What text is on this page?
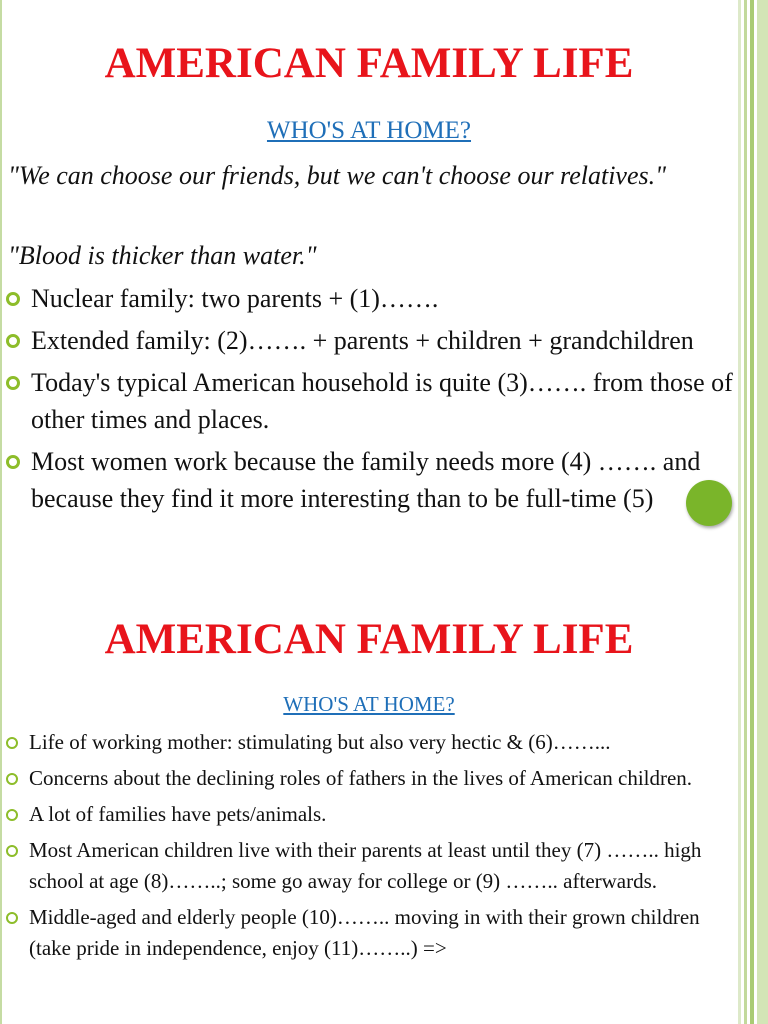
AMERICAN FAMILY LIFE
WHO'S AT HOME?
"We can choose our friends, but we can't choose our relatives."
"Blood is thicker than water."
Nuclear family: two parents + (1)…….
Extended family: (2)……. + parents + children + grandchildren
Today's typical American household is quite (3)……. from those of other times and places.
Most women work because the family needs more (4) ……. and because they find it more interesting than to be full-time (5)
AMERICAN FAMILY LIFE
WHO'S AT HOME?
Life of working mother: stimulating but also very hectic & (6)……...
Concerns about the declining roles of fathers in the lives of American children.
A lot of families have pets/animals.
Most American children live with their parents at least until they (7) …….. high school at age (8)……..; some go away for college or (9) …….. afterwards.
Middle-aged and elderly people (10)…….. moving in with their grown children (take pride in independence, enjoy (11)……..) =>
